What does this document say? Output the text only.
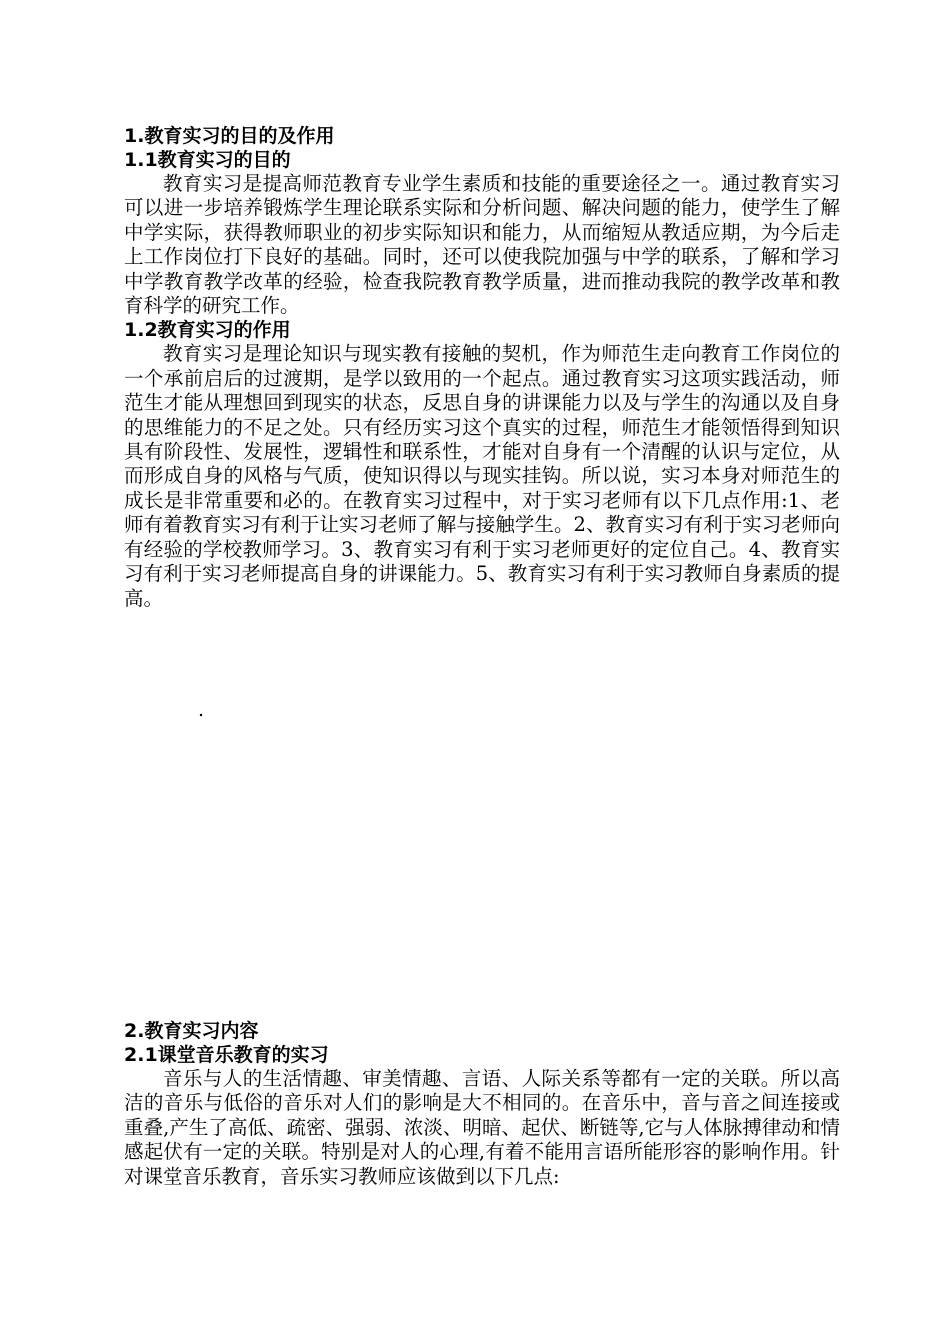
1.教育实习的目的及作用
1.1教育实习的目的

教育实习是提高师范教育专业学生素质和技能的重要途径之一。通过教育实习可以进一步培养锻炼学生理论联系实际和分析问题、解决问题的能力，使学生了解中学实际，获得教师职业的初步实际知识和能力，从而缩短从教适应期，为今后走上工作岗位打下良好的基础。同时，还可以使我院加强与中学的联系，了解和学习中学教育教学改革的经验，检查我院教育教学质量，进而推动我院的教学改革和教育科学的研究工作。

1.2教育实习的作用

教育实习是理论知识与现实教有接触的契机，作为师范生走向教育工作岗位的一个承前启后的过渡期，是学以致用的一个起点。通过教育实习这项实践活动，师范生才能从理想回到现实的状态，反思自身的讲课能力以及与学生的沟通以及自身的思维能力的不足之处。只有经历实习这个真实的过程，师范生才能领悟得到知识具有阶段性、发展性，逻辑性和联系性，才能对自身有一个清醒的认识与定位，从而形成自身的风格与气质，使知识得以与现实挂钩。所以说，实习本身对师范生的成长是非常重要和必的。在教育实习过程中，对于实习老师有以下几点作用:1、老师有着教育实习有利于让实习老师了解与接触学生。2、教育实习有利于实习老师向有经验的学校教师学习。3、教育实习有利于实习老师更好的定位自己。4、教育实习有利于实习老师提高自身的讲课能力。5、教育实习有利于实习教师自身素质的提高。

.
2.教育实习内容
2.1课堂音乐教育的实习

音乐与人的生活情趣、审美情趣、言语、人际关系等都有一定的关联。所以高洁的音乐与低俗的音乐对人们的影响是大不相同的。在音乐中，音与音之间连接或重叠,产生了高低、疏密、强弱、浓淡、明暗、起伏、断链等,它与人体脉搏律动和情感起伏有一定的关联。特别是对人的心理,有着不能用言语所能形容的影响作用。针对课堂音乐教育，音乐实习教师应该做到以下几点:
